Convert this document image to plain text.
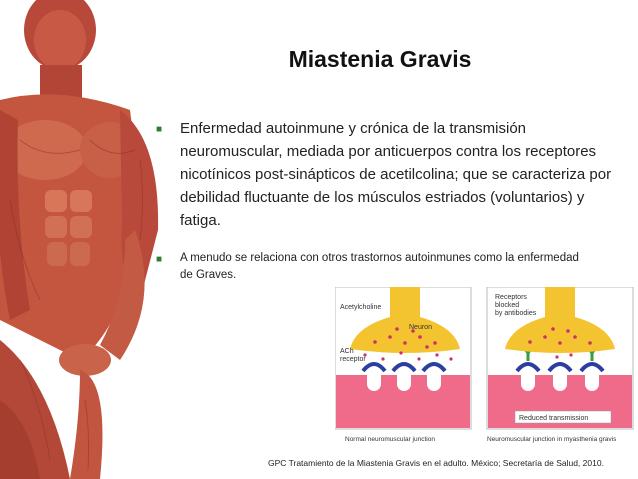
Miastenia Gravis
■ Enfermedad autoinmune y crónica de la transmisión neuromuscular, mediada por anticuerpos contra los receptores nicotínicos post-sinápticos de acetilcolina; que se caracteriza por debilidad fluctuante de los músculos estriados (voluntarios) y fatiga.
■ A menudo se relaciona con otros trastornos autoinmunes como la enfermedad de Graves.
Acetylcholine
Neuron
ACh
receptor
Receptors
blocked
by antibodies
Reduced transmission
Normal neuromuscular junction	Neuromuscular junction in myasthenia gravis
GPC Tratamiento de la Miastenia Gravis en el adulto. México; Secretaría de Salud, 2010.
